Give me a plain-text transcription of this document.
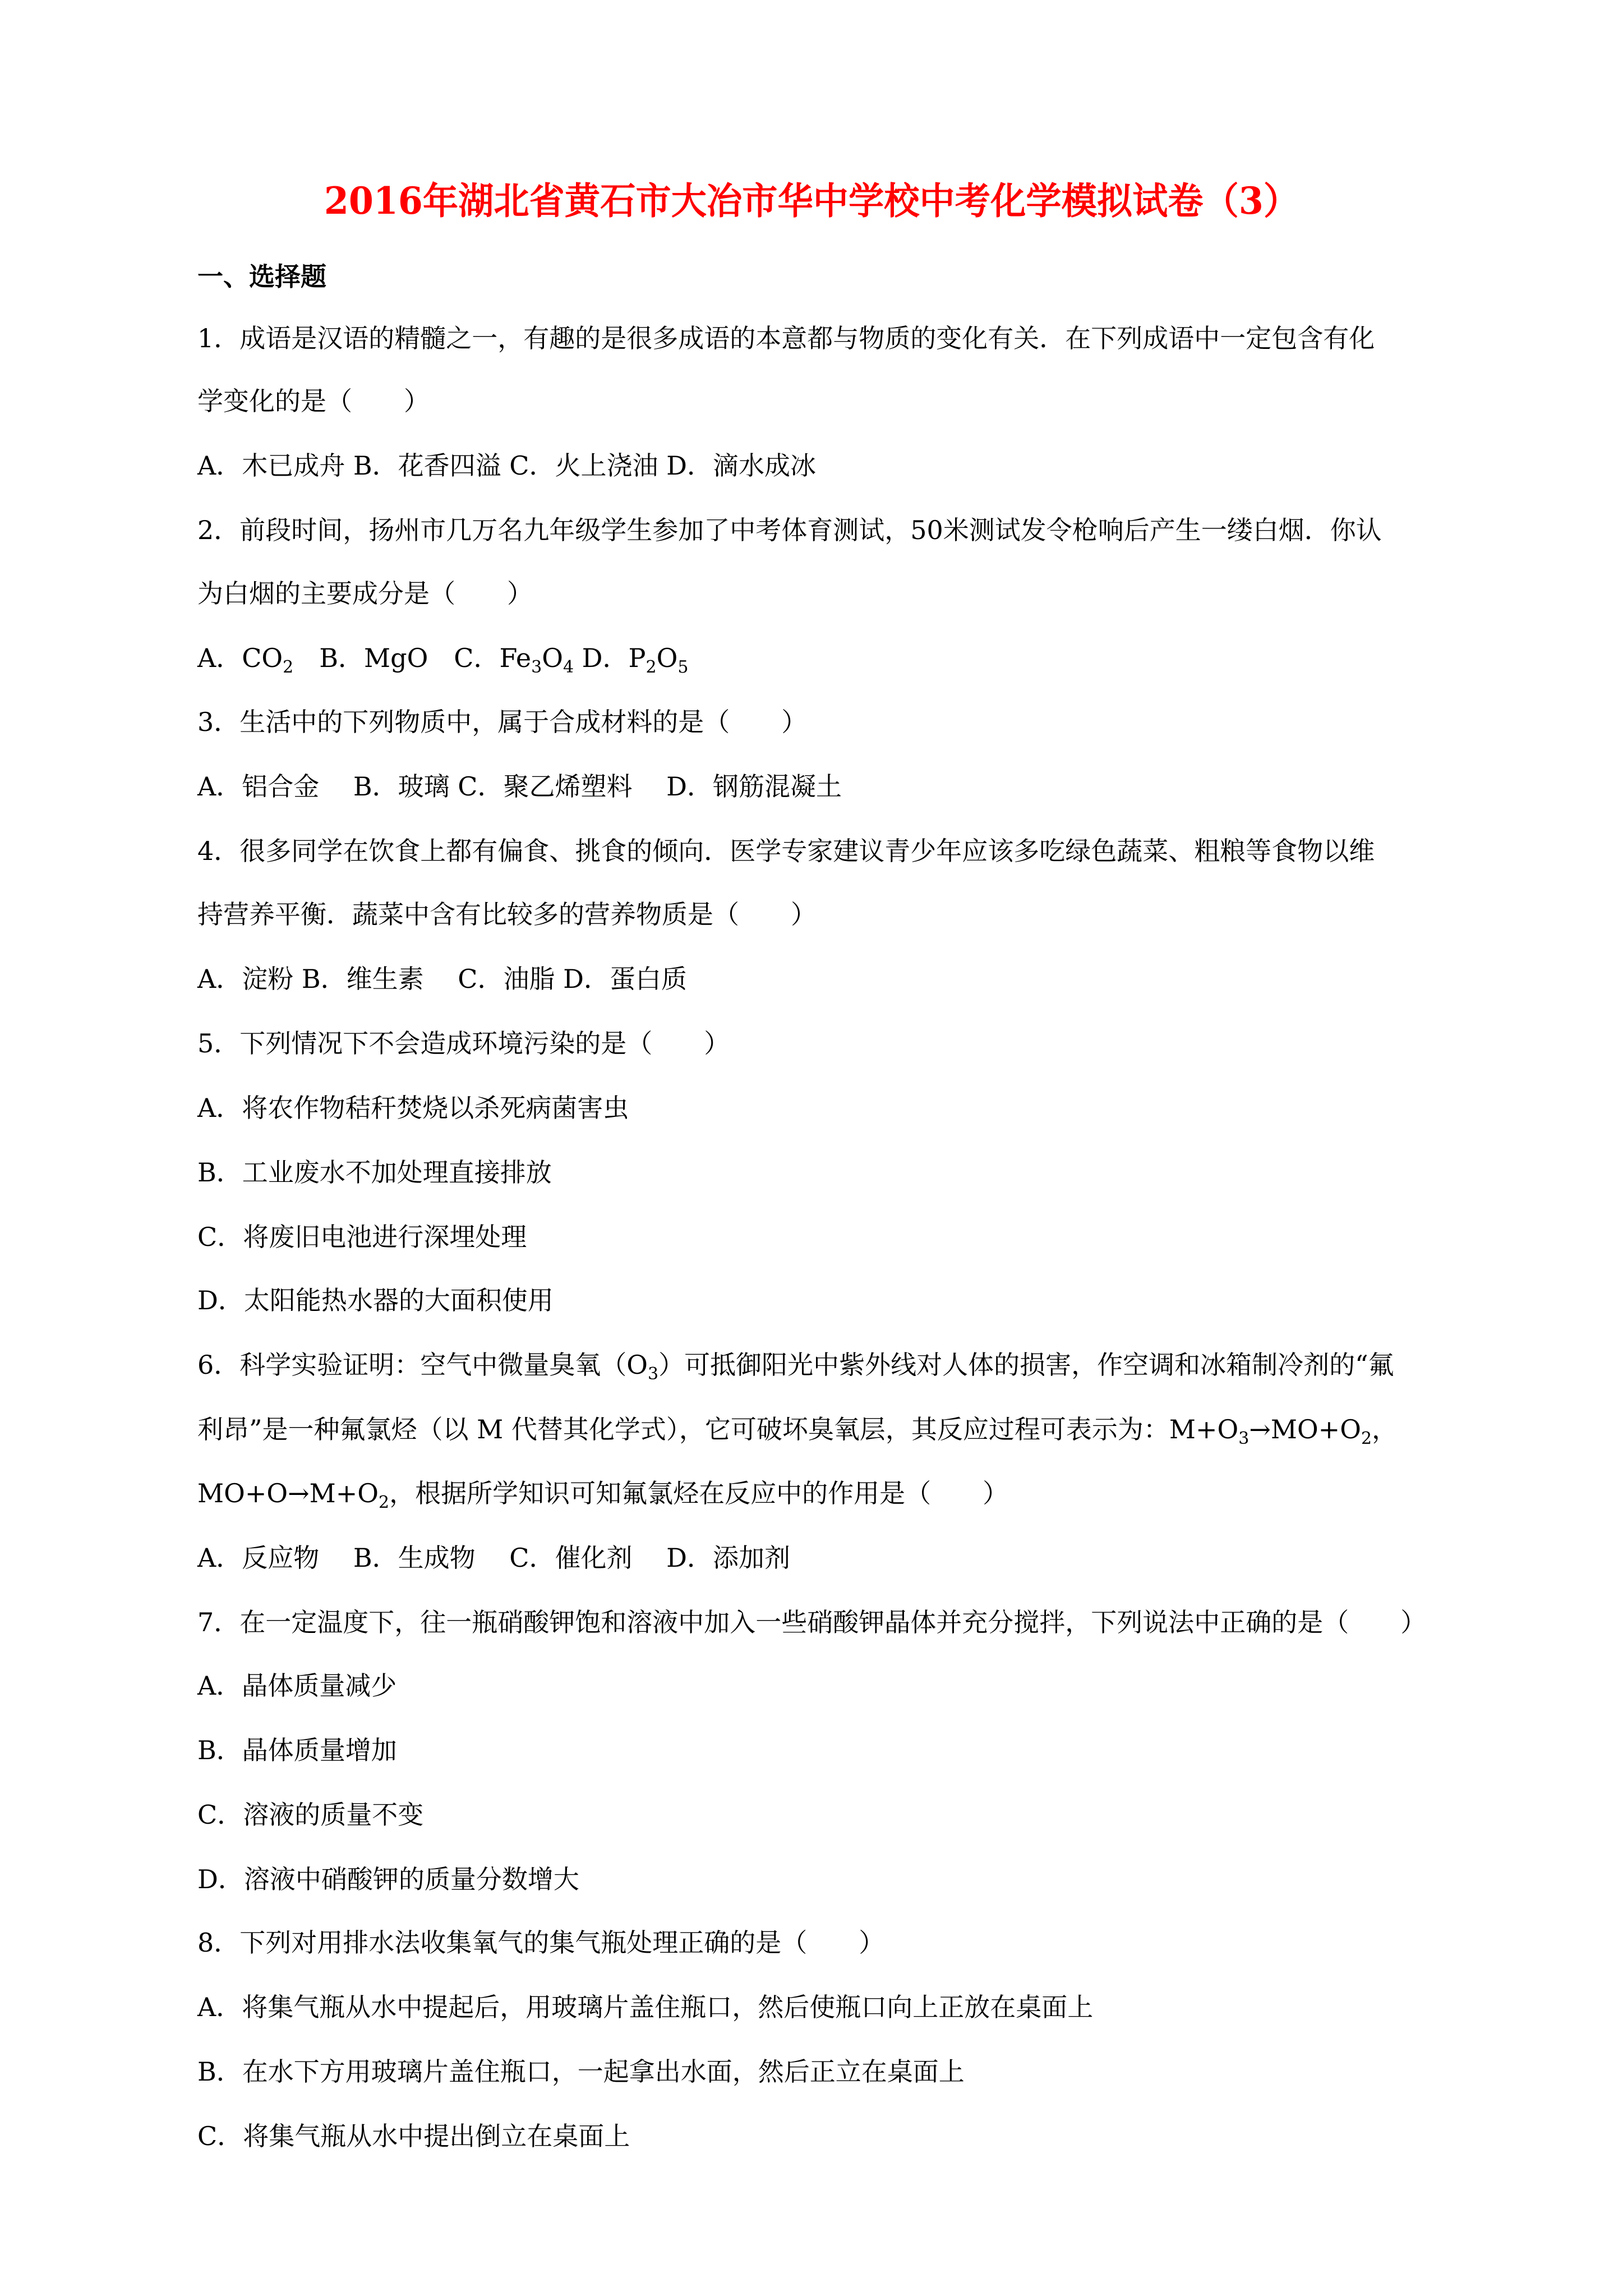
2016年湖北省黄石市大冶市华中学校中考化学模拟试卷（3）
一、选择题
1．成语是汉语的精髓之一，有趣的是很多成语的本意都与物质的变化有关．在下列成语中一定包含有化
学变化的是（　　）
A．木已成舟 B．花香四溢 C．火上浇油 D．滴水成冰
2．前段时间，扬州市几万名九年级学生参加了中考体育测试，50米测试发令枪响后产生一缕白烟．你认
为白烟的主要成分是（　　）
A．$CO_2$　B．MgO　C．$Fe_3O_4$ D．$P_2O_5$
3．生活中的下列物质中，属于合成材料的是（　　）
A．铝合金　 B．玻璃 C．聚乙烯塑料　 D．钢筋混凝土
4．很多同学在饮食上都有偏食、挑食的倾向．医学专家建议青少年应该多吃绿色蔬菜、粗粮等食物以维
持营养平衡．蔬菜中含有比较多的营养物质是（　　）
A．淀粉 B．维生素　 C．油脂 D．蛋白质
5．下列情况下不会造成环境污染的是（　　）
A．将农作物秸秆焚烧以杀死病菌害虫
B．工业废水不加处理直接排放
C．将废旧电池进行深埋处理
D．太阳能热水器的大面积使用
6．科学实验证明：空气中微量臭氧$(O_3)$可抵御阳光中紫外线对人体的损害，作空调和冰箱制冷剂的“氟
利昂”是一种氟氯烃（以 M 代替其化学式），它可破坏臭氧层，其反应过程可表示为：$M+O_3\to MO+O_2$，
$MO+O\to M+O_2$，根据所学知识可知氟氯烃在反应中的作用是（　　）
A．反应物　 B．生成物　 C．催化剂　 D．添加剂
7．在一定温度下，往一瓶硝酸钾饱和溶液中加入一些硝酸钾晶体并充分搅拌，下列说法中正确的是（　　）
A．晶体质量减少
B．晶体质量增加
C．溶液的质量不变
D．溶液中硝酸钾的质量分数增大
8．下列对用排水法收集氧气的集气瓶处理正确的是（　　）
A．将集气瓶从水中提起后，用玻璃片盖住瓶口，然后使瓶口向上正放在桌面上
B．在水下方用玻璃片盖住瓶口，一起拿出水面，然后正立在桌面上
C．将集气瓶从水中提出倒立在桌面上
